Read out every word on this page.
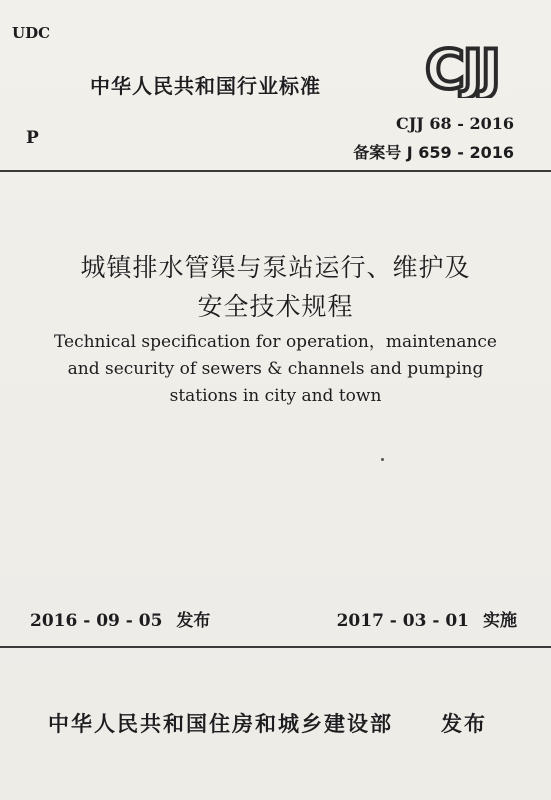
UDC
中华人民共和国行业标准 CJJ
CJJ 68 - 2016
P
备案号 J 659 - 2016
城镇排水管渠与泵站运行、维护及
安全技术规程
Technical specification for operation，maintenance
and security of sewers & channels and pumping
stations in city and town
2016 - 09 - 05 发布	2017 - 03 - 01 实施
中华人民共和国住房和城乡建设部 发布
